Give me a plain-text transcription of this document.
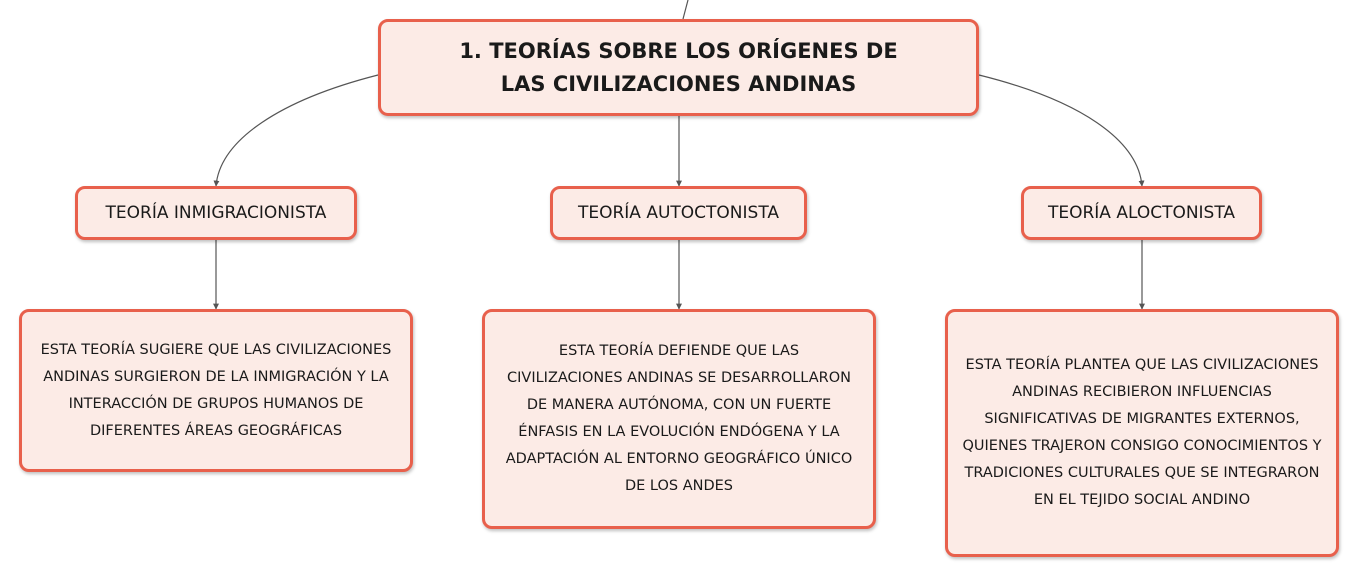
1. TEORÍAS SOBRE LOS ORÍGENES DE LAS CIVILIZACIONES ANDINAS
TEORÍA INMIGRACIONISTA	TEORÍA AUTOCTONISTA	TEORÍA ALOCTONISTA
ESTA TEORÍA SUGIERE QUE LAS CIVILIZACIONES ANDINAS SURGIERON DE LA INMIGRACIÓN Y LA INTERACCIÓN DE GRUPOS HUMANOS DE DIFERENTES ÁREAS GEOGRÁFICAS
ESTA TEORÍA DEFIENDE QUE LAS CIVILIZACIONES ANDINAS SE DESARROLLARON DE MANERA AUTÓNOMA, CON UN FUERTE ÉNFASIS EN LA EVOLUCIÓN ENDÓGENA Y LA ADAPTACIÓN AL ENTORNO GEOGRÁFICO ÚNICO DE LOS ANDES
ESTA TEORÍA PLANTEA QUE LAS CIVILIZACIONES ANDINAS RECIBIERON INFLUENCIAS SIGNIFICATIVAS DE MIGRANTES EXTERNOS, QUIENES TRAJERON CONSIGO CONOCIMIENTOS Y TRADICIONES CULTURALES QUE SE INTEGRARON EN EL TEJIDO SOCIAL ANDINO
